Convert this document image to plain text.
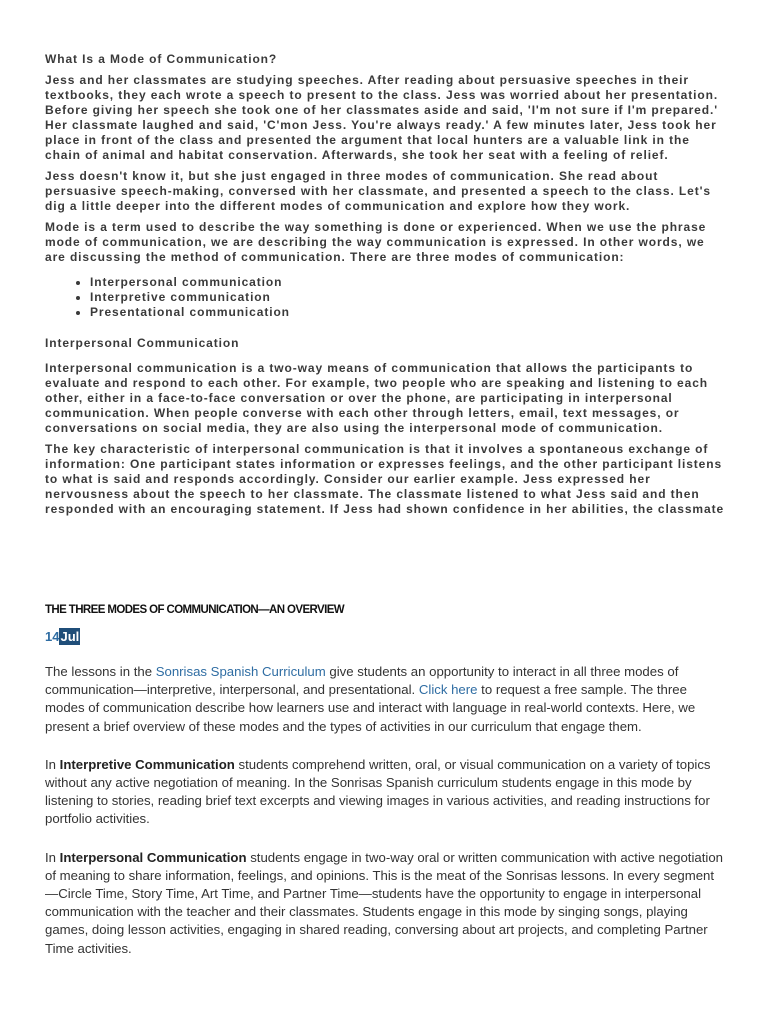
What Is a Mode of Communication?

Jess and her classmates are studying speeches. After reading about persuasive speeches in their textbooks, they each wrote a speech to present to the class. Jess was worried about her presentation. Before giving her speech she took one of her classmates aside and said, 'I'm not sure if I'm prepared.' Her classmate laughed and said, 'C'mon Jess. You're always ready.' A few minutes later, Jess took her place in front of the class and presented the argument that local hunters are a valuable link in the chain of animal and habitat conservation. Afterwards, she took her seat with a feeling of relief.

Jess doesn't know it, but she just engaged in three modes of communication. She read about persuasive speech-making, conversed with her classmate, and presented a speech to the class. Let's dig a little deeper into the different modes of communication and explore how they work.

Mode is a term used to describe the way something is done or experienced. When we use the phrase mode of communication, we are describing the way communication is expressed. In other words, we are discussing the method of communication. There are three modes of communication:

• Interpersonal communication
• Interpretive communication
• Presentational communication
Interpersonal Communication

Interpersonal communication is a two-way means of communication that allows the participants to evaluate and respond to each other. For example, two people who are speaking and listening to each other, either in a face-to-face conversation or over the phone, are participating in interpersonal communication. When people converse with each other through letters, email, text messages, or conversations on social media, they are also using the interpersonal mode of communication.

The key characteristic of interpersonal communication is that it involves a spontaneous exchange of information: One participant states information or expresses feelings, and the other participant listens to what is said and responds accordingly. Consider our earlier example. Jess expressed her nervousness about the speech to her classmate. The classmate listened to what Jess said and then responded with an encouraging statement. If Jess had shown confidence in her abilities, the classmate

THE THREE MODES OF COMMUNICATION—AN OVERVIEW
14Jul

The lessons in the Sonrisas Spanish Curriculum give students an opportunity to interact in all three modes of communication—interpretive, interpersonal, and presentational. Click here to request a free sample. The three modes of communication describe how learners use and interact with language in real-world contexts. Here, we present a brief overview of these modes and the types of activities in our curriculum that engage them.

In Interpretive Communication students comprehend written, oral, or visual communication on a variety of topics without any active negotiation of meaning. In the Sonrisas Spanish curriculum students engage in this mode by listening to stories, reading brief text excerpts and viewing images in various activities, and reading instructions for portfolio activities.

In Interpersonal Communication students engage in two-way oral or written communication with active negotiation of meaning to share information, feelings, and opinions. This is the meat of the Sonrisas lessons. In every segment—Circle Time, Story Time, Art Time, and Partner Time—students have the opportunity to engage in interpersonal communication with the teacher and their classmates. Students engage in this mode by singing songs, playing games, doing lesson activities, engaging in shared reading, conversing about art projects, and completing Partner Time activities.
